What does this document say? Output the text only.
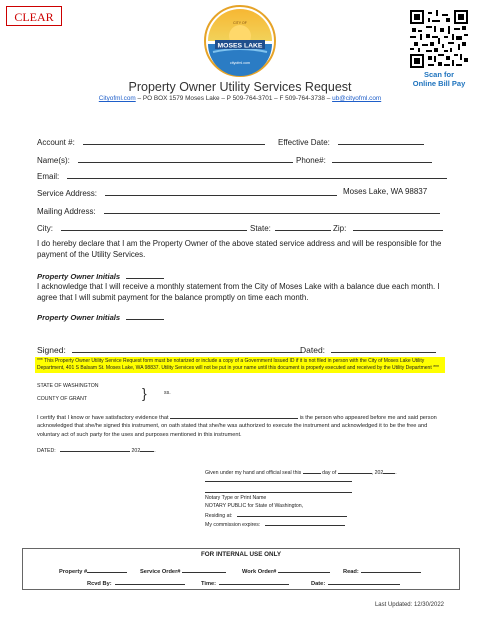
CLEAR
MOSES LAKE
CITY OF
cityofml.com
Scan for
Online Bill Pay
Property Owner Utility Services Request
Cityofml.com – PO BOX 1579 Moses Lake – P 509-764-3701 – F 509-764-3738 – ub@cityofml.com
Account #:	Effective Date:
Name(s):	Phone#:
Email:
Service Address:	Moses Lake, WA 98837
Mailing Address:
City:	State:	Zip:
I do hereby declare that I am the Property Owner of the above stated service address and will be responsible for the payment of the Utility Services.
Property Owner Initials
I acknowledge that I will receive a monthly statement from the City of Moses Lake with a balance due each month. I agree that I will submit payment for the balance promptly on time each month.
Property Owner Initials
Signed:	Dated:
*** This Property Owner Utility Service Request form must be notarized or include a copy of a Government Issued ID if it is not filed in person with the City of Moses Lake Utility Department, 401 S Balsam St. Moses Lake, WA 98837. Utility Services will not be put in your name until this document is properly executed and received by the Utility Department ***
STATE OF WASHINGTON
COUNTY OF GRANT	}	ss.
I certify that I know or have satisfactory evidence that	is the person who appeared before me and said person acknowledged that she/he signed this instrument, on oath stated that she/he was authorized to execute the instrument and acknowledged it to be the free and voluntary act of such party for the uses and purposes mentioned in this instrument.
DATED:	202	.
Given under my hand and official seal this	day of	, 202 .
Notary Type or Print Name
NOTARY PUBLIC for State of Washington,
Residing at:
My commission expires:
FOR INTERNAL USE ONLY
Property #	Service Order#	Work Order#	Read:
Rcvd By:	Time:	Date:
Last Updated: 12/30/2022
